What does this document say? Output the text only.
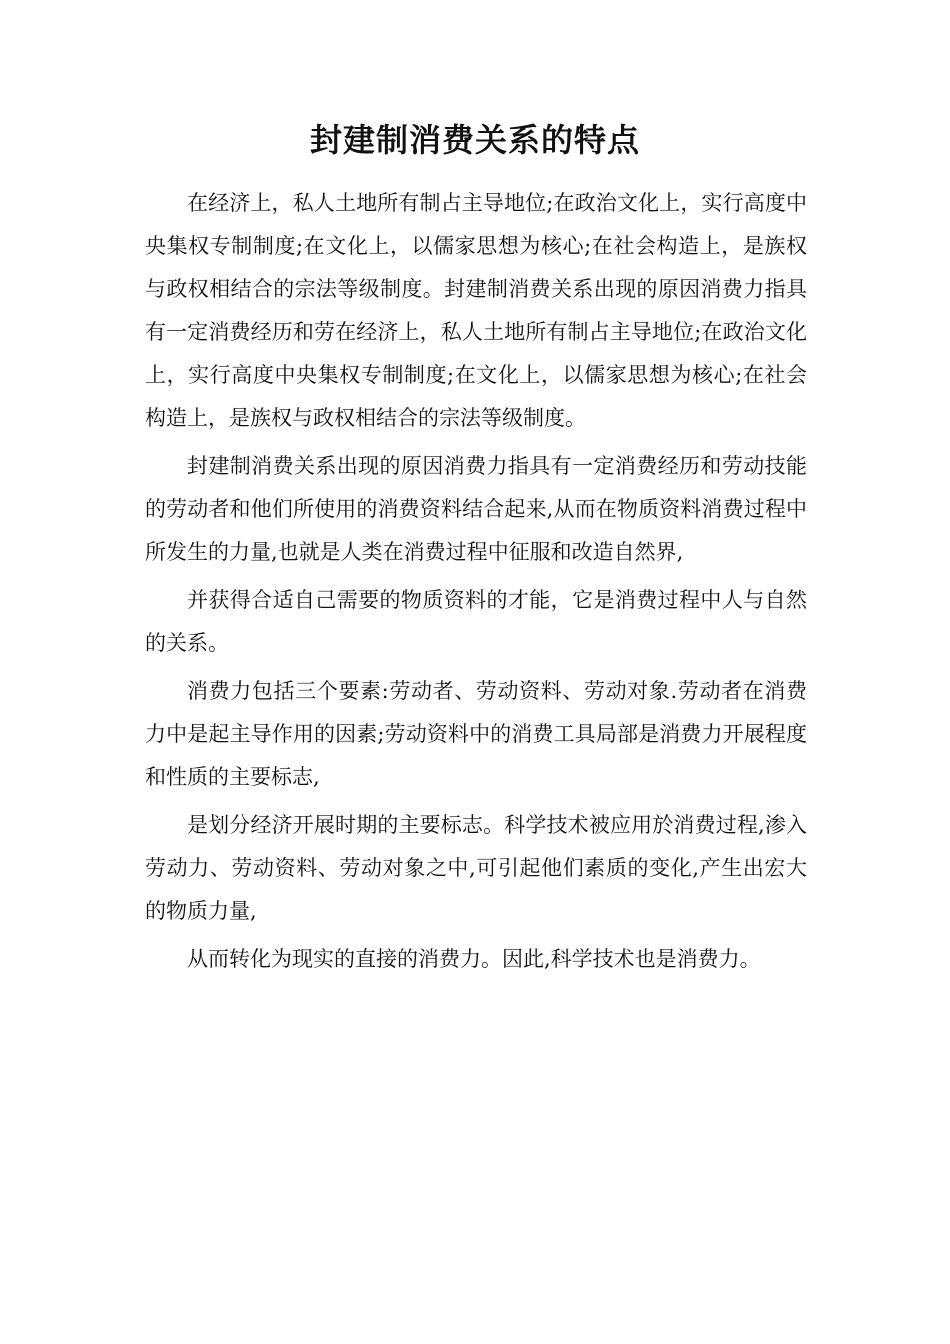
封建制消费关系的特点

在经济上，私人土地所有制占主导地位;在政治文化上，实行高度中央集权专制制度;在文化上，以儒家思想为核心;在社会构造上，是族权与政权相结合的宗法等级制度。封建制消费关系出现的原因消费力指具有一定消费经历和劳在经济上，私人土地所有制占主导地位;在政治文化上，实行高度中央集权专制制度;在文化上，以儒家思想为核心;在社会构造上，是族权与政权相结合的宗法等级制度。

封建制消费关系出现的原因消费力指具有一定消费经历和劳动技能的劳动者和他们所使用的消费资料结合起来,从而在物质资料消费过程中所发生的力量,也就是人类在消费过程中征服和改造自然界,

并获得合适自己需要的物质资料的才能，它是消费过程中人与自然的关系。

消费力包括三个要素:劳动者、劳动资料、劳动对象.劳动者在消费力中是起主导作用的因素;劳动资料中的消费工具局部是消费力开展程度和性质的主要标志,

是划分经济开展时期的主要标志。科学技术被应用於消费过程,渗入劳动力、劳动资料、劳动对象之中,可引起他们素质的变化,产生出宏大的物质力量,

从而转化为现实的直接的消费力。因此,科学技术也是消费力。
